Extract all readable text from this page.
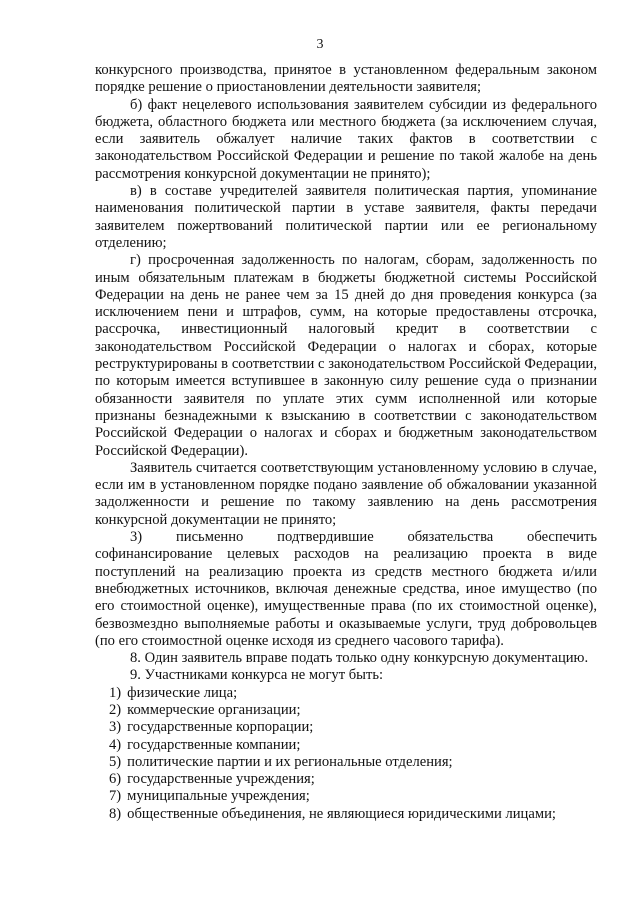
3

конкурсного производства, принятое в установленном федеральным законом порядке решение о приостановлении деятельности заявителя;

б) факт нецелевого использования заявителем субсидии из федерального бюджета, областного бюджета или местного бюджета (за исключением случая, если заявитель обжалует наличие таких фактов в соответствии с законодательством Российской Федерации и решение по такой жалобе на день рассмотрения конкурсной документации не принято);

в) в составе учредителей заявителя политическая партия, упоминание наименования политической партии в уставе заявителя, факты передачи заявителем пожертвований политической партии или ее региональному отделению;

г) просроченная задолженность по налогам, сборам, задолженность по иным обязательным платежам в бюджеты бюджетной системы Российской Федерации на день не ранее чем за 15 дней до дня проведения конкурса (за исключением пени и штрафов, сумм, на которые предоставлены отсрочка, рассрочка, инвестиционный налоговый кредит в соответствии с законодательством Российской Федерации о налогах и сборах, которые реструктурированы в соответствии с законодательством Российской Федерации, по которым имеется вступившее в законную силу решение суда о признании обязанности заявителя по уплате этих сумм исполненной или которые признаны безнадежными к взысканию в соответствии с законодательством Российской Федерации о налогах и сборах и бюджетным законодательством Российской Федерации).

Заявитель считается соответствующим установленному условию в случае, если им в установленном порядке подано заявление об обжаловании указанной задолженности и решение по такому заявлению на день рассмотрения конкурсной документации не принято;

3) письменно подтвердившие обязательства обеспечить софинансирование целевых расходов на реализацию проекта в виде поступлений на реализацию проекта из средств местного бюджета и/или внебюджетных источников, включая денежные средства, иное имущество (по его стоимостной оценке), имущественные права (по их стоимостной оценке), безвозмездно выполняемые работы и оказываемые услуги, труд добровольцев (по его стоимостной оценке исходя из среднего часового тарифа).

8. Один заявитель вправе подать только одну конкурсную документацию.

9. Участниками конкурса не могут быть:

1) физические лица;
2) коммерческие организации;
3) государственные корпорации;
4) государственные компании;
5) политические партии и их региональные отделения;
6) государственные учреждения;
7) муниципальные учреждения;
8) общественные объединения, не являющиеся юридическими лицами;
